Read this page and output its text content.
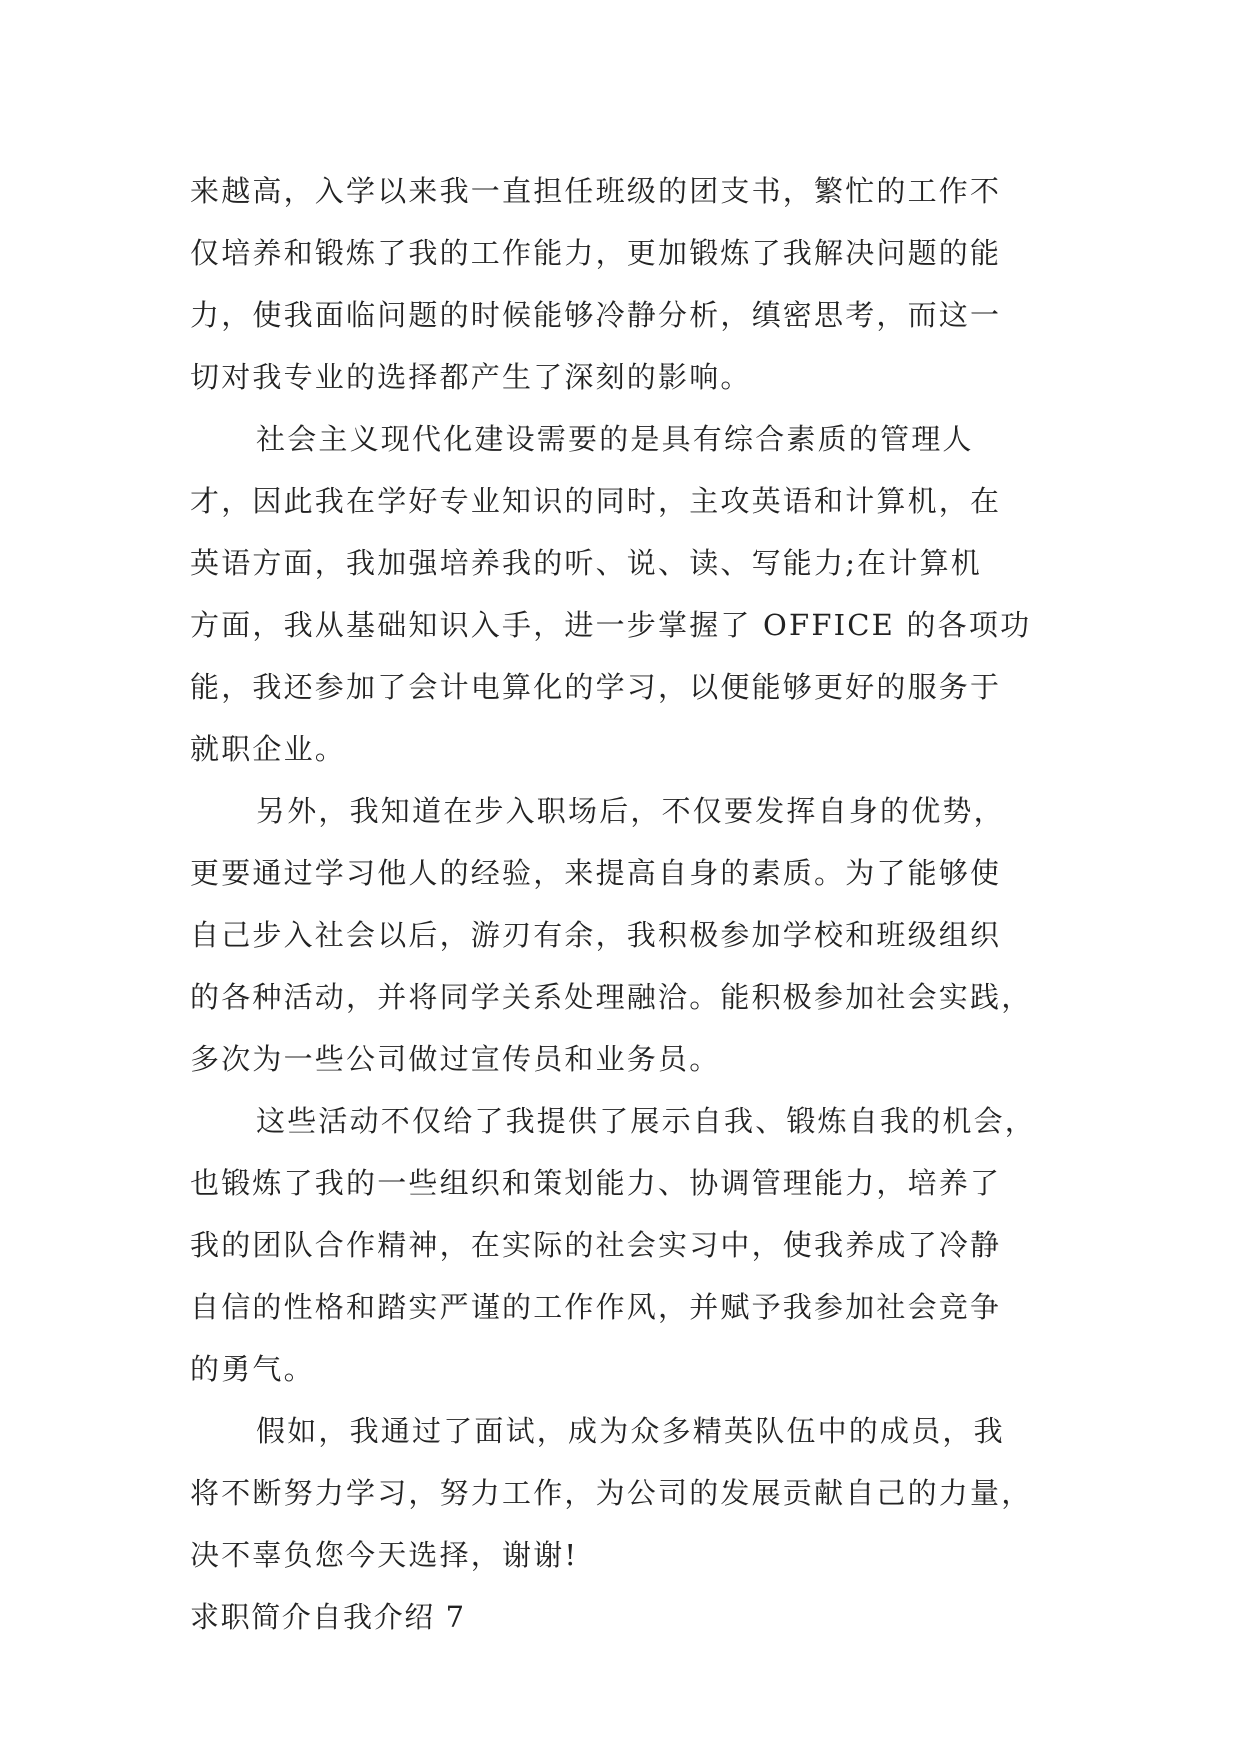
来越高，入学以来我一直担任班级的团支书，繁忙的工作不
仅培养和锻炼了我的工作能力，更加锻炼了我解决问题的能
力，使我面临问题的时候能够冷静分析，缜密思考，而这一
切对我专业的选择都产生了深刻的影响。
社会主义现代化建设需要的是具有综合素质的管理人
才，因此我在学好专业知识的同时，主攻英语和计算机，在
英语方面，我加强培养我的听、说、读、写能力;在计算机
方面，我从基础知识入手，进一步掌握了 OFFICE 的各项功
能，我还参加了会计电算化的学习，以便能够更好的服务于
就职企业。
另外，我知道在步入职场后，不仅要发挥自身的优势，
更要通过学习他人的经验，来提高自身的素质。为了能够使
自己步入社会以后，游刃有余，我积极参加学校和班级组织
的各种活动，并将同学关系处理融洽。能积极参加社会实践，
多次为一些公司做过宣传员和业务员。
这些活动不仅给了我提供了展示自我、锻炼自我的机会，
也锻炼了我的一些组织和策划能力、协调管理能力，培养了
我的团队合作精神，在实际的社会实习中，使我养成了冷静
自信的性格和踏实严谨的工作作风，并赋予我参加社会竞争
的勇气。
假如，我通过了面试，成为众多精英队伍中的成员，我
将不断努力学习，努力工作，为公司的发展贡献自己的力量，
决不辜负您今天选择，谢谢!
求职简介自我介绍 7
